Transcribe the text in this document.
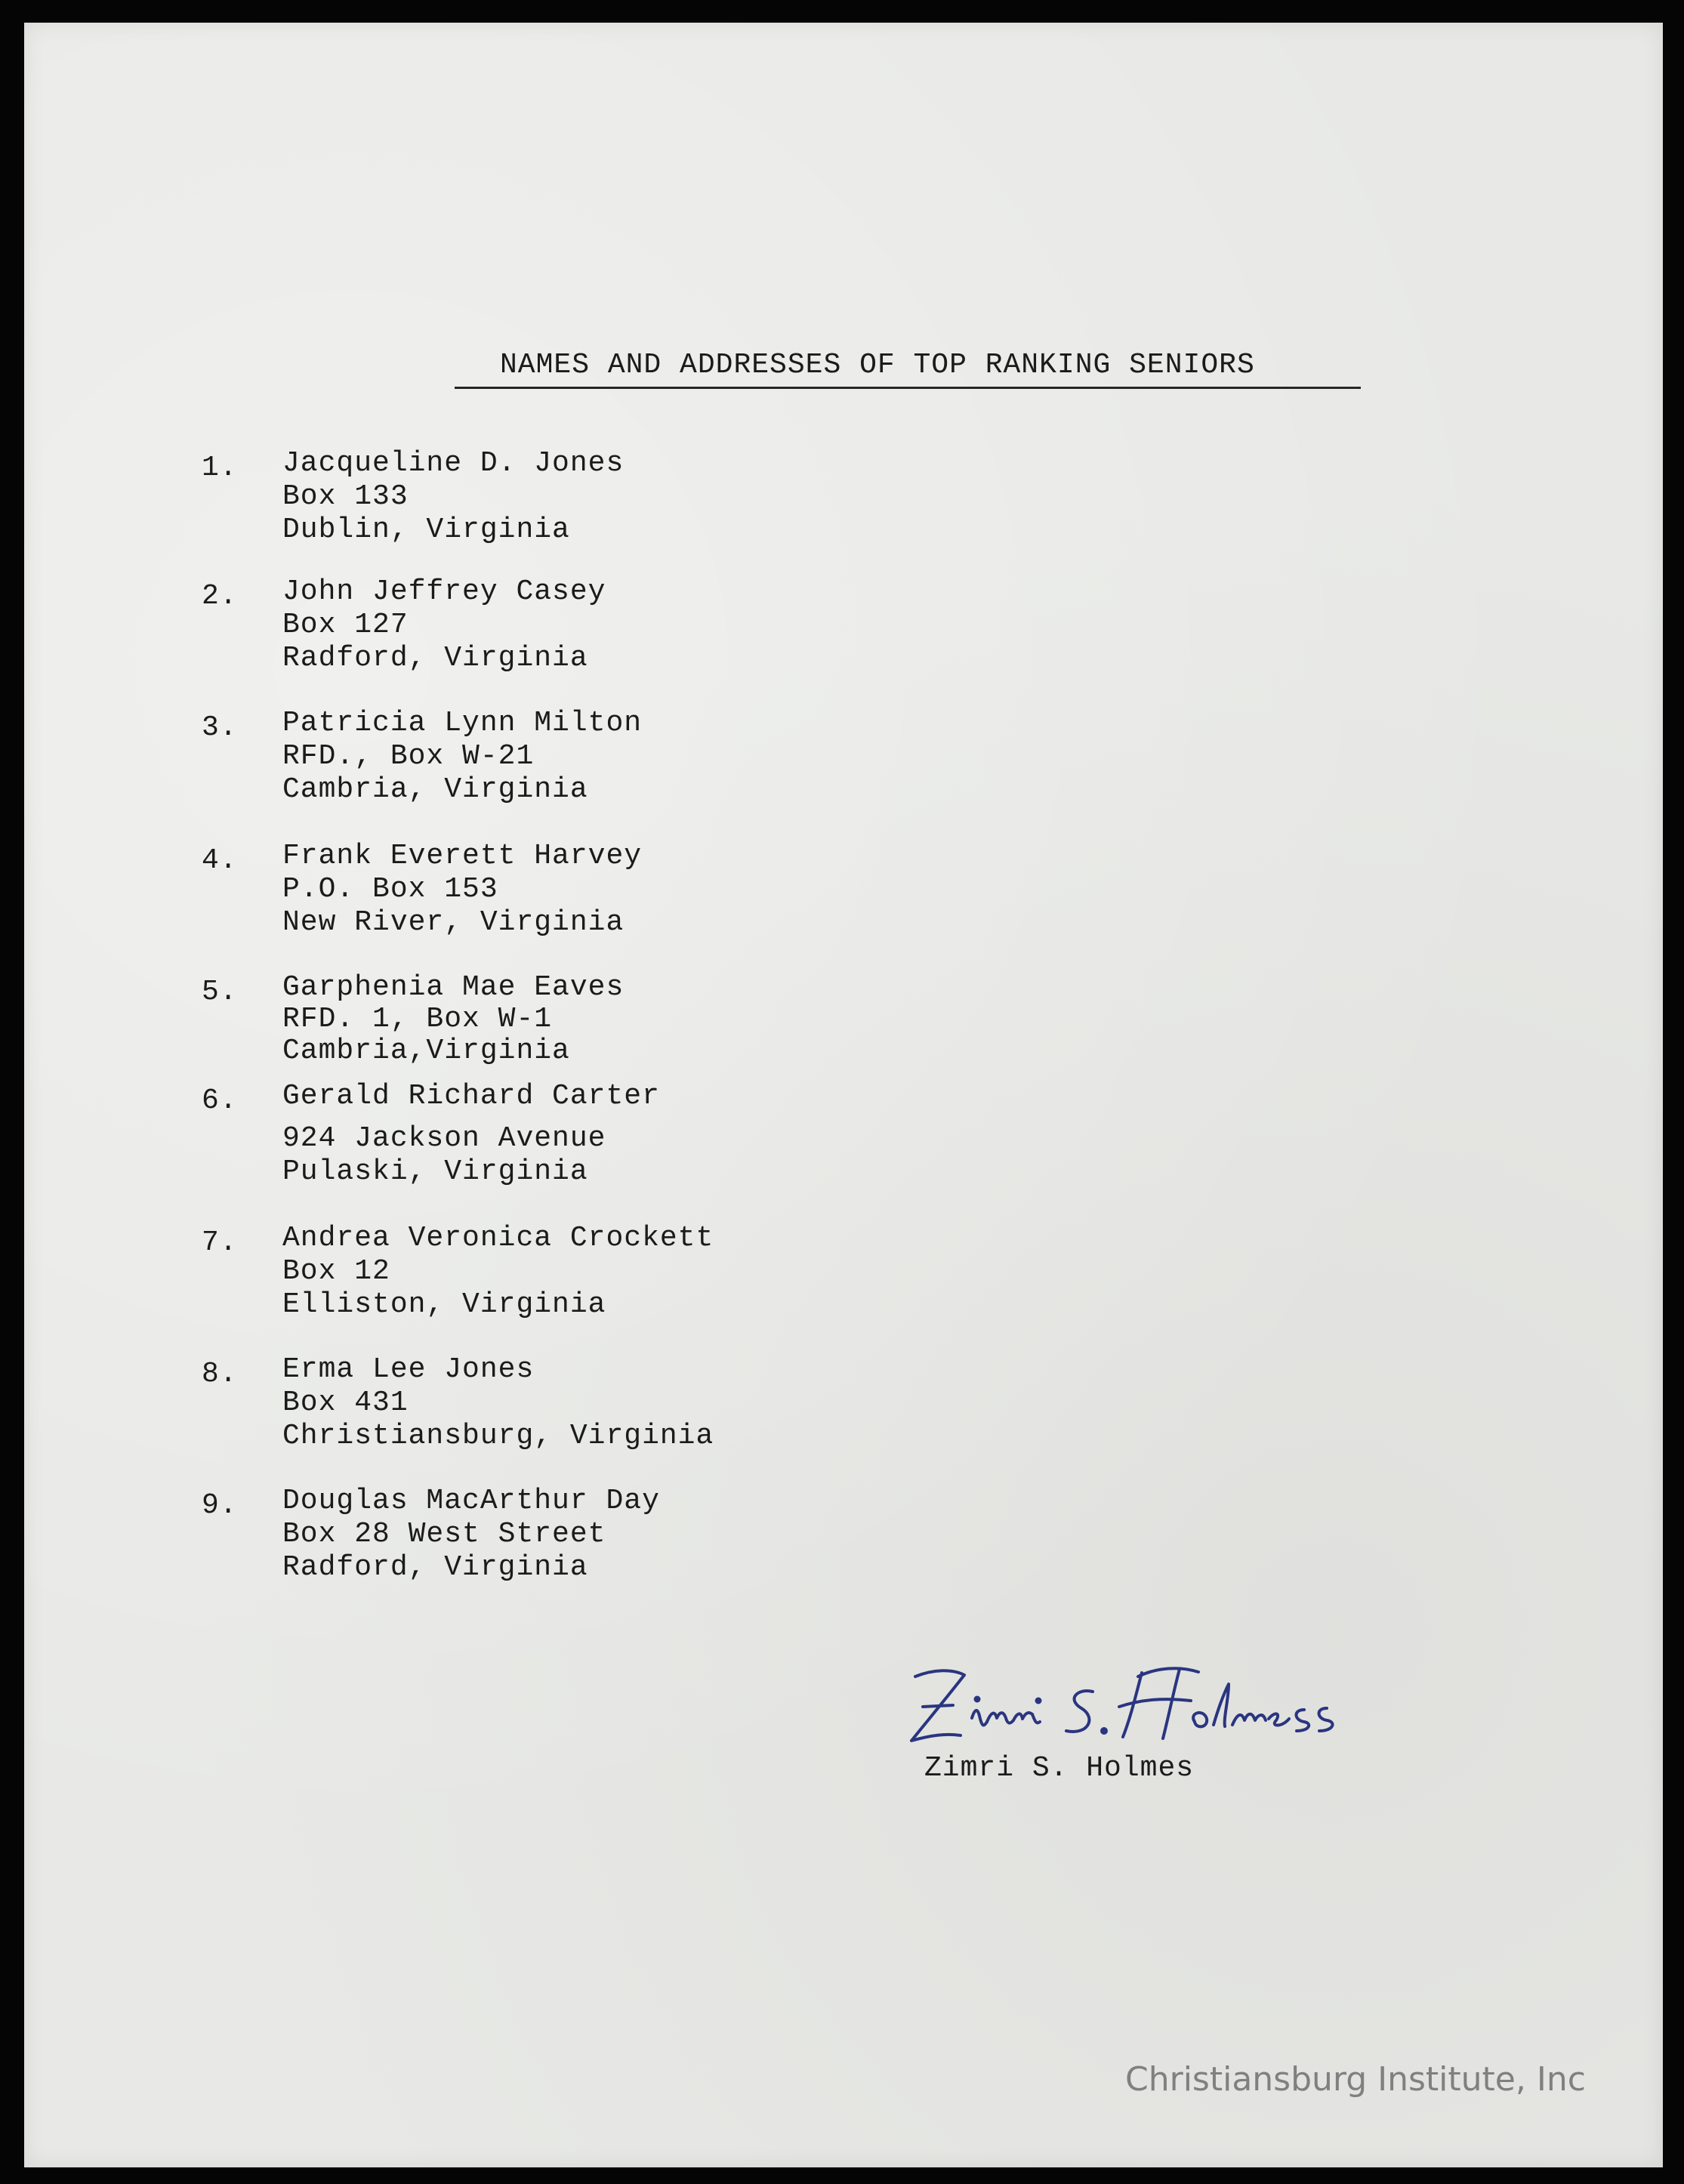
NAMES AND ADDRESSES OF TOP RANKING SENIORS
1. Jacqueline D. Jones
Box 133
Dublin, Virginia
2. John Jeffrey Casey
Box 127
Radford, Virginia
3. Patricia Lynn Milton
RFD., Box W-21
Cambria, Virginia
4. Frank Everett Harvey
P.O. Box 153
New River, Virginia
5. Garphenia Mae Eaves
RFD. 1, Box W-1
Cambria,Virginia
6. Gerald Richard Carter
924 Jackson Avenue
Pulaski, Virginia
7. Andrea Veronica Crockett
Box 12
Elliston, Virginia
8. Erma Lee Jones
Box 431
Christiansburg, Virginia
9. Douglas MacArthur Day
Box 28 West Street
Radford, Virginia
Zimri S. Holmes
Christiansburg Institute, Inc
